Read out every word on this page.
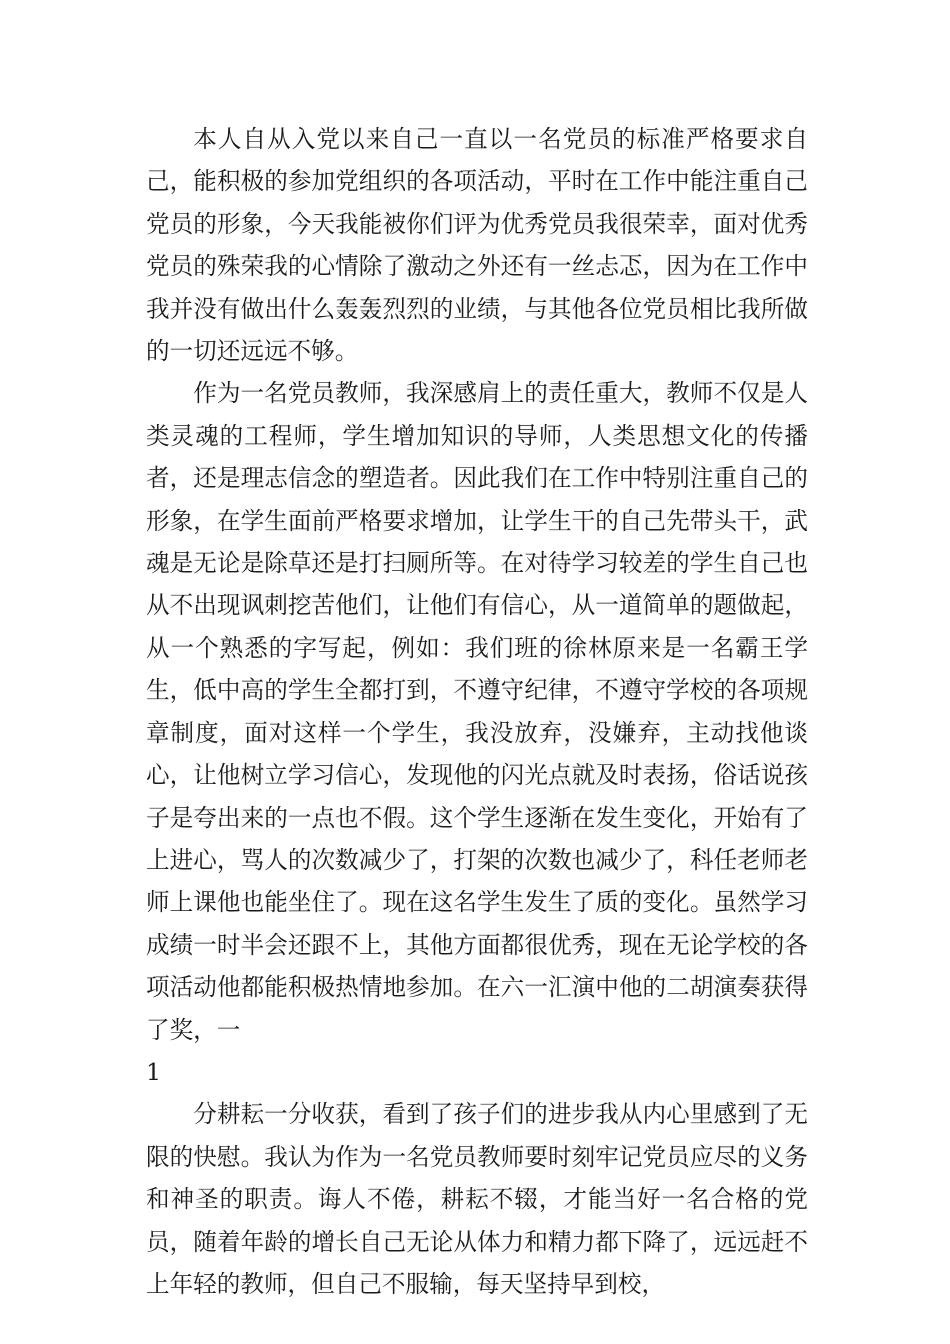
本人自从入党以来自己一直以一名党员的标准严格要求自己，能积极的参加党组织的各项活动，平时在工作中能注重自己党员的形象，今天我能被你们评为优秀党员我很荣幸，面对优秀党员的殊荣我的心情除了激动之外还有一丝忐忑，因为在工作中我并没有做出什么轰轰烈烈的业绩，与其他各位党员相比我所做的一切还远远不够。

作为一名党员教师，我深感肩上的责任重大，教师不仅是人类灵魂的工程师，学生增加知识的导师，人类思想文化的传播者，还是理志信念的塑造者。因此我们在工作中特别注重自己的形象，在学生面前严格要求增加，让学生干的自己先带头干，武魂是无论是除草还是打扫厕所等。在对待学习较差的学生自己也从不出现讽刺挖苦他们，让他们有信心，从一道简单的题做起，从一个熟悉的字写起，例如：我们班的徐林原来是一名霸王学生，低中高的学生全都打到，不遵守纪律，不遵守学校的各项规章制度，面对这样一个学生，我没放弃，没嫌弃，主动找他谈心，让他树立学习信心，发现他的闪光点就及时表扬，俗话说孩子是夸出来的一点也不假。这个学生逐渐在发生变化，开始有了上进心，骂人的次数减少了，打架的次数也减少了，科任老师老师上课他也能坐住了。现在这名学生发生了质的变化。虽然学习成绩一时半会还跟不上，其他方面都很优秀，现在无论学校的各项活动他都能积极热情地参加。在六一汇演中他的二胡演奏获得了奖，一

1

分耕耘一分收获，看到了孩子们的进步我从内心里感到了无限的快慰。我认为作为一名党员教师要时刻牢记党员应尽的义务和神圣的职责。诲人不倦，耕耘不辍，才能当好一名合格的党员，随着年龄的增长自己无论从体力和精力都下降了，远远赶不上年轻的教师，但自己不服输，每天坚持早到校，
